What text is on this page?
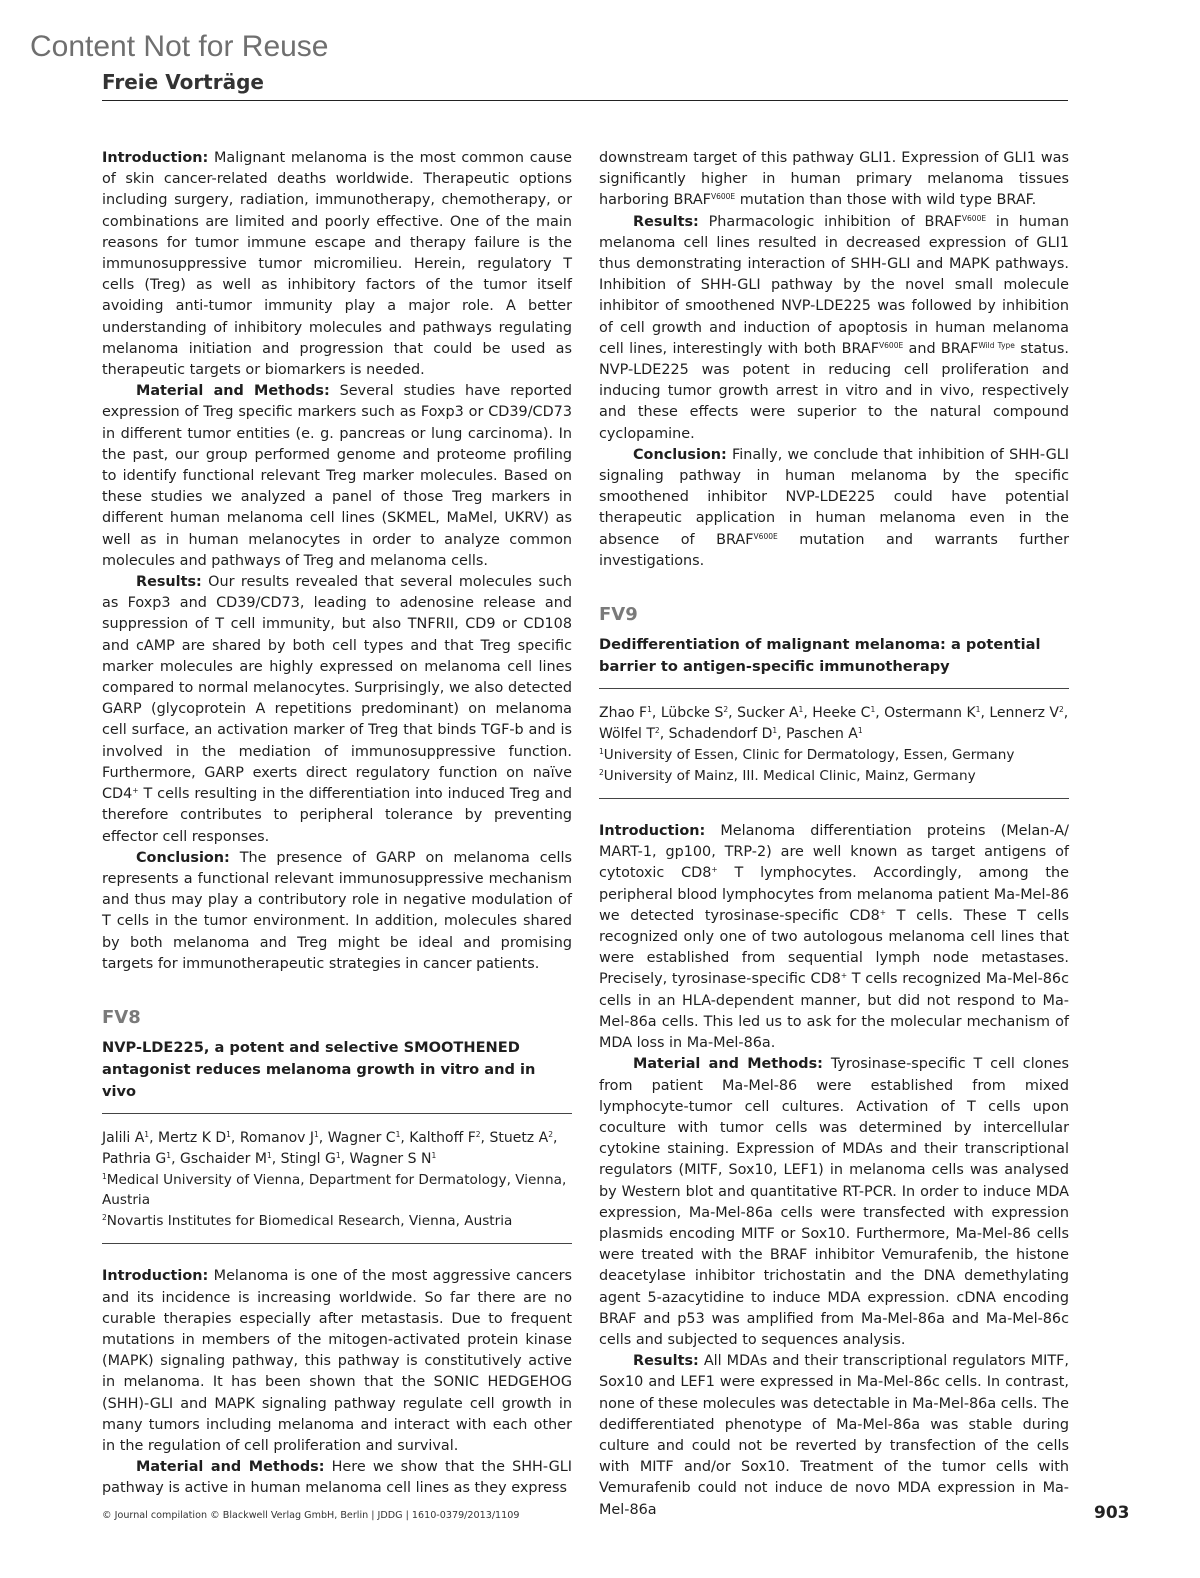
Content Not for Reuse
Freie Vorträge

Introduction: Malignant melanoma is the most common cause of skin cancer-related deaths worldwide. Therapeutic options including surgery, radiation, immunotherapy, chemotherapy, or combinations are limited and poorly effective. One of the main reasons for tumor immune escape and therapy failure is the immunosuppressive tumor micromilieu. Herein, regulatory T cells (Treg) as well as inhibitory factors of the tumor itself avoiding anti-tumor immunity play a major role. A better understanding of inhibitory molecules and pathways regulating melanoma initiation and progression that could be used as therapeutic targets or biomarkers is needed.

Material and Methods: Several studies have reported expression of Treg specific markers such as Foxp3 or CD39/CD73 in different tumor entities (e. g. pancreas or lung carcinoma). In the past, our group performed genome and proteome profiling to identify functional relevant Treg marker molecules. Based on these studies we analyzed a panel of those Treg markers in different human melanoma cell lines (SKMEL, MaMel, UKRV) as well as in human melanocytes in order to analyze common molecules and pathways of Treg and melanoma cells.

Results: Our results revealed that several molecules such as Foxp3 and CD39/CD73, leading to adenosine release and suppression of T cell immunity, but also TNFRII, CD9 or CD108 and cAMP are shared by both cell types and that Treg specific marker molecules are highly expressed on melanoma cell lines compared to normal melanocytes. Surprisingly, we also detected GARP (glycoprotein A repetitions predominant) on melanoma cell surface, an activation marker of Treg that binds TGF-b and is involved in the mediation of immunosuppressive function. Furthermore, GARP exerts direct regulatory function on naïve CD4+ T cells resulting in the differentiation into induced Treg and therefore contributes to peripheral tolerance by preventing effector cell responses.

Conclusion: The presence of GARP on melanoma cells represents a functional relevant immunosuppressive mechanism and thus may play a contributory role in negative modulation of T cells in the tumor environment. In addition, molecules shared by both melanoma and Treg might be ideal and promising targets for immunotherapeutic strategies in cancer patients.

FV8

NVP-LDE225, a potent and selective SMOOTHENED antagonist reduces melanoma growth in vitro and in vivo

Jalili $A^1$, Mertz K $D^1$, Romanov $J^1$, Wagner $C^1$, Kalthoff $F^2$, Stuetz $A^2$, Pathria $G^1$, Gschaider $M^1$, Stingl $G^1$, Wagner S $N^1$
$^1$Medical University of Vienna, Department for Dermatology, Vienna, Austria
$^2$Novartis Institutes for Biomedical Research, Vienna, Austria

Introduction: Melanoma is one of the most aggressive cancers and its incidence is increasing worldwide. So far there are no curable therapies especially after metastasis. Due to frequent mutations in members of the mitogen-activated protein kinase (MAPK) signaling pathway, this pathway is constitutively active in melanoma. It has been shown that the SONIC HEDGEHOG (SHH)-GLI and MAPK signaling pathway regulate cell growth in many tumors including melanoma and interact with each other in the regulation of cell proliferation and survival.

Material and Methods: Here we show that the SHH-GLI pathway is active in human melanoma cell lines as they express

downstream target of this pathway GLI1. Expression of GLI1 was significantly higher in human primary melanoma tissues harboring $BRAF^{V600E}$ mutation than those with wild type BRAF.

Results: Pharmacologic inhibition of $BRAF^{V600E}$ in human melanoma cell lines resulted in decreased expression of GLI1 thus demonstrating interaction of SHH-GLI and MAPK pathways. Inhibition of SHH-GLI pathway by the novel small molecule inhibitor of smoothened NVP-LDE225 was followed by inhibition of cell growth and induction of apoptosis in human melanoma cell lines, interestingly with both $BRAF^{V600E}$ and $BRAF^{Wild Type}$ status. NVP-LDE225 was potent in reducing cell proliferation and inducing tumor growth arrest in vitro and in vivo, respectively and these effects were superior to the natural compound cyclopamine.

Conclusion: Finally, we conclude that inhibition of SHH-GLI signaling pathway in human melanoma by the specific smoothened inhibitor NVP-LDE225 could have potential therapeutic application in human melanoma even in the absence of $BRAF^{V600E}$ mutation and warrants further investigations.

FV9

Dedifferentiation of malignant melanoma: a potential barrier to antigen-specific immunotherapy

Zhao $F^1$, Lübcke $S^2$, Sucker $A^1$, Heeke $C^1$, Ostermann $K^1$, Lennerz $V^2$, Wölfel $T^2$, Schadendorf $D^1$, Paschen $A^1$
$^1$University of Essen, Clinic for Dermatology, Essen, Germany
$^2$University of Mainz, III. Medical Clinic, Mainz, Germany

Introduction: Melanoma differentiation proteins (Melan-A/ MART-1, gp100, TRP-2) are well known as target antigens of cytotoxic CD8+ T lymphocytes. Accordingly, among the peripheral blood lymphocytes from melanoma patient Ma-Mel-86 we detected tyrosinase-specific CD8+ T cells. These T cells recognized only one of two autologous melanoma cell lines that were established from sequential lymph node metastases. Precisely, tyrosinase-specific CD8+ T cells recognized Ma-Mel-86c cells in an HLA-dependent manner, but did not respond to Ma-Mel-86a cells. This led us to ask for the molecular mechanism of MDA loss in Ma-Mel-86a.

Material and Methods: Tyrosinase-specific T cell clones from patient Ma-Mel-86 were established from mixed lymphocyte-tumor cell cultures. Activation of T cells upon coculture with tumor cells was determined by intercellular cytokine staining. Expression of MDAs and their transcriptional regulators (MITF, Sox10, LEF1) in melanoma cells was analysed by Western blot and quantitative RT-PCR. In order to induce MDA expression, Ma-Mel-86a cells were transfected with expression plasmids encoding MITF or Sox10. Furthermore, Ma-Mel-86 cells were treated with the BRAF inhibitor Vemurafenib, the histone deacetylase inhibitor trichostatin and the DNA demethylating agent 5-azacytidine to induce MDA expression. cDNA encoding BRAF and p53 was amplified from Ma-Mel-86a and Ma-Mel-86c cells and subjected to sequences analysis.

Results: All MDAs and their transcriptional regulators MITF, Sox10 and LEF1 were expressed in Ma-Mel-86c cells. In contrast, none of these molecules was detectable in Ma-Mel-86a cells. The dedifferentiated phenotype of Ma-Mel-86a was stable during culture and could not be reverted by transfection of the cells with MITF and/or Sox10. Treatment of the tumor cells with Vemurafenib could not induce de novo MDA expression in Ma-Mel-86a

© Journal compilation © Blackwell Verlag GmbH, Berlin | JDDG | 1610-0379/2013/1109	903
